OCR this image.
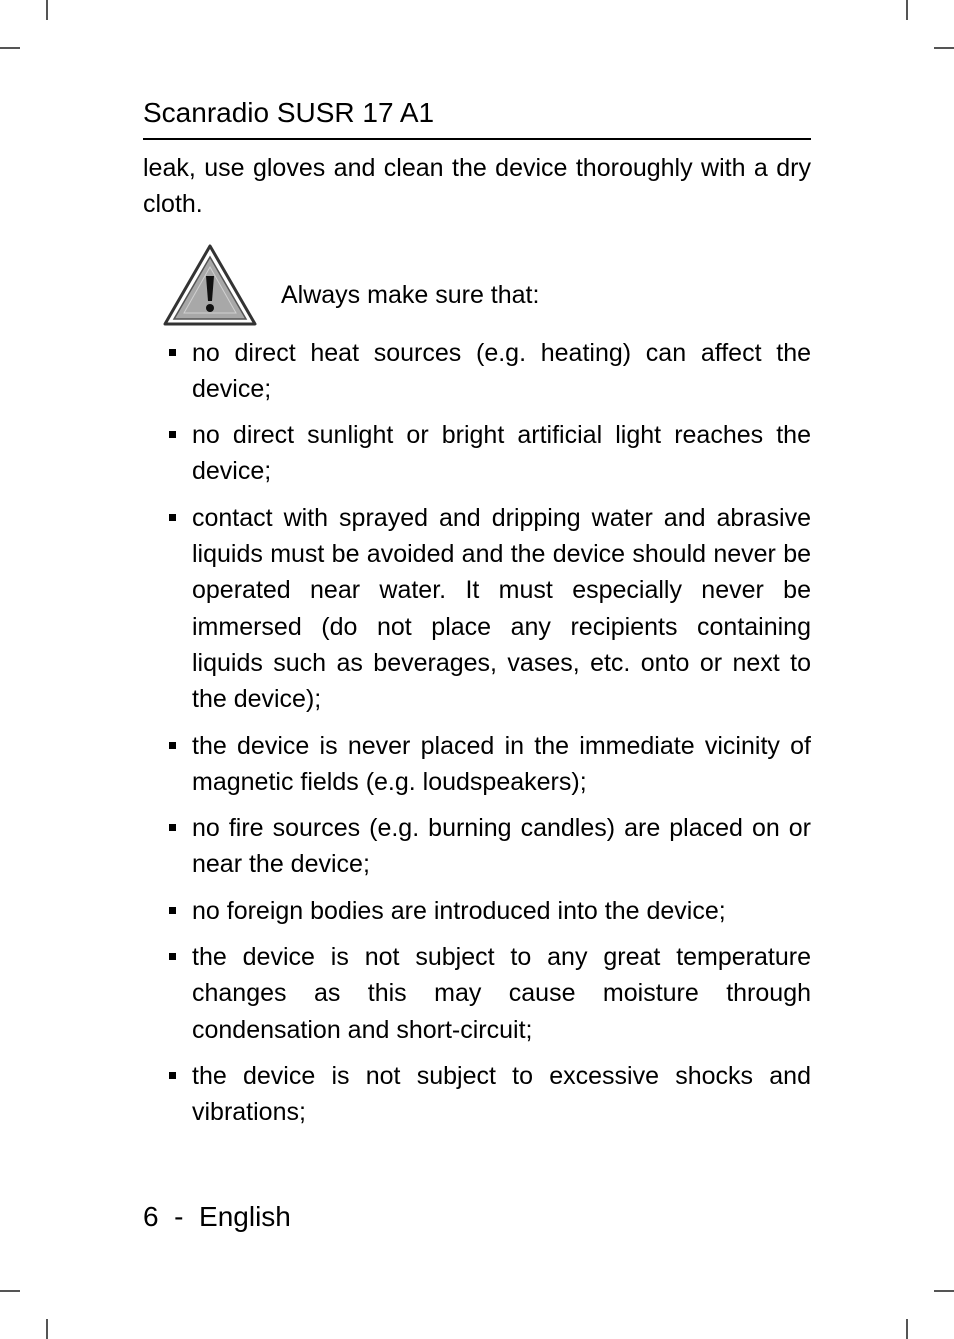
Scanradio SUSR 17 A1

leak, use gloves and clean the device thoroughly with a dry cloth.

Always make sure that:
no direct heat sources (e.g. heating) can affect the device;
no direct sunlight or bright artificial light reaches the device;
contact with sprayed and dripping water and abrasive liquids must be avoided and the device should never be operated near water. It must especially never be immersed (do not place any recipients containing liquids such as beverages, vases, etc. onto or next to the device);
the device is never placed in the immediate vicinity of magnetic fields (e.g. loudspeakers);
no fire sources (e.g. burning candles) are placed on or near the device;
no foreign bodies are introduced into the device;
the device is not subject to any great temperature changes as this may cause moisture through condensation and short-circuit;
the device is not subject to excessive shocks and vibrations;
6 - English
